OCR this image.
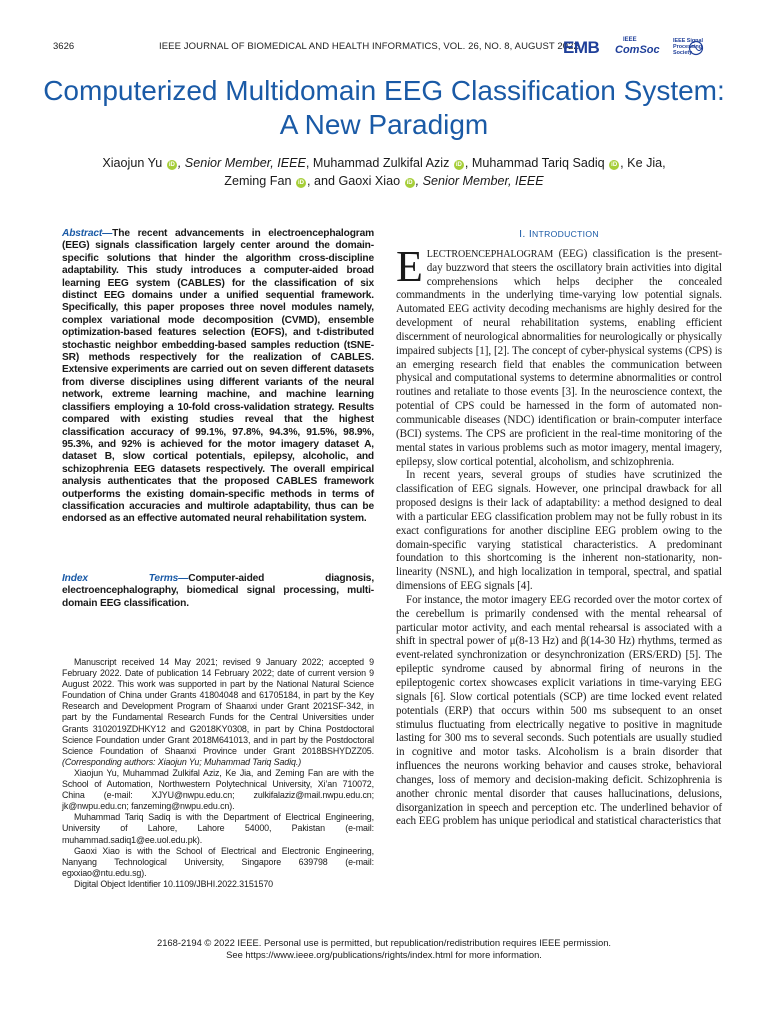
3626	IEEE JOURNAL OF BIOMEDICAL AND HEALTH INFORMATICS, VOL. 26, NO. 8, AUGUST 2022
EMB	IEEE
ComSoc
IEEE Signal Processing Society
Computerized Multidomain EEG Classification System: A New Paradigm
Xiaojun Yu iD , Senior Member, IEEE, Muhammad Zulkifal Aziz iD , Muhammad Tariq Sadiq iD , Ke Jia,
Zeming Fan iD , and Gaoxi Xiao iD , Senior Member, IEEE

Abstract—The recent advancements in electroencephalogram (EEG) signals classification largely center around the domain-specific solutions that hinder the algorithm cross-discipline adaptability. This study introduces a computer-aided broad learning EEG system (CABLES) for the classification of six distinct EEG domains under a unified sequential framework. Specifically, this paper proposes three novel modules namely, complex variational mode decomposition (CVMD), ensemble optimization-based features selection (EOFS), and t-distributed stochastic neighbor embedding-based samples reduction (tSNE-SR) methods respectively for the realization of CABLES. Extensive experiments are carried out on seven different datasets from diverse disciplines using different variants of the neural network, extreme learning machine, and machine learning classifiers employing a 10-fold cross-validation strategy. Results compared with existing studies reveal that the highest classification accuracy of 99.1%, 97.8%, 94.3%, 91.5%, 98.9%, 95.3%, and 92% is achieved for the motor imagery dataset A, dataset B, slow cortical potentials, epilepsy, alcoholic, and schizophrenia EEG datasets respectively. The overall empirical analysis authenticates that the proposed CABLES framework outperforms the existing domain-specific methods in terms of classification accuracies and multirole adaptability, thus can be endorsed as an effective automated neural rehabilitation system.

Index Terms—Computer-aided diagnosis, electroencephalography, biomedical signal processing, multi-domain EEG classification.

Manuscript received 14 May 2021; revised 9 January 2022; accepted 9 February 2022. Date of publication 14 February 2022; date of current version 9 August 2022. This work was supported in part by the National Natural Science Foundation of China under Grants 41804048 and 61705184, in part by the Key Research and Development Program of Shaanxi under Grant 2021SF-342, in part by the Fundamental Research Funds for the Central Universities under Grants 3102019ZDHKY12 and G2018KY0308, in part by China Postdoctoral Science Foundation under Grant 2018M641013, and in part by the Postdoctoral Science Foundation of Shaanxi Province under Grant 2018BSHYDZZ05. (Corresponding authors: Xiaojun Yu; Muhammad Tariq Sadiq.)

Xiaojun Yu, Muhammad Zulkifal Aziz, Ke Jia, and Zeming Fan are with the School of Automation, Northwestern Polytechnical University, Xi’an 710072, China (e-mail: XJYU@nwpu.edu.cn; zulkifalaziz@mail.nwpu.edu.cn; jk@nwpu.edu.cn; fanzeming@nwpu.edu.cn).

Muhammad Tariq Sadiq is with the Department of Electrical Engineering, University of Lahore, Lahore 54000, Pakistan (e-mail: muhammad.sadiq1@ee.uol.edu.pk).

Gaoxi Xiao is with the School of Electrical and Electronic Engineering, Nanyang Technological University, Singapore 639798 (e-mail: egxxiao@ntu.edu.sg).

Digital Object Identifier 10.1109/JBHI.2022.3151570

I. INTRODUCTION

ELECTROENCEPHALOGRAM (EEG) classification is the present-day buzzword that steers the oscillatory brain activities into digital comprehensions which helps decipher the concealed commandments in the underlying time-varying low potential signals. Automated EEG activity decoding mechanisms are highly desired for the development of neural rehabilitation systems, enabling efficient discernment of neurological abnormalities for neurologically or physically impaired subjects [1], [2]. The concept of cyber-physical systems (CPS) is an emerging research field that enables the communication between physical and computational systems to determine abnormalities or control routines and retaliate to those events [3]. In the neuroscience context, the potential of CPS could be harnessed in the form of automated non-communicable diseases (NDC) identification or brain-computer interface (BCI) systems. The CPS are proficient in the real-time monitoring of the mental states in various problems such as motor imagery, mental imagery, epilepsy, slow cortical potential, alcoholism, and schizophrenia.

In recent years, several groups of studies have scrutinized the classification of EEG signals. However, one principal drawback for all proposed designs is their lack of adaptability: a method designed to deal with a particular EEG classification problem may not be fully robust in its exact configurations for another discipline EEG problem owing to the domain-specific varying statistical characteristics. A predominant foundation to this shortcoming is the inherent non-stationarity, non-linearity (NSNL), and high localization in temporal, spectral, and spatial dimensions of EEG signals [4].

For instance, the motor imagery EEG recorded over the motor cortex of the cerebellum is primarily condensed with the mental rehearsal of particular motor activity, and each mental rehearsal is associated with a shift in spectral power of μ(8-13 Hz) and β(14-30 Hz) rhythms, termed as event-related synchronization or desynchronization (ERS/ERD) [5]. The epileptic syndrome caused by abnormal firing of neurons in the epileptogenic cortex showcases explicit variations in time-varying EEG signals [6]. Slow cortical potentials (SCP) are time locked event related potentials (ERP) that occurs within 500 ms subsequent to an onset stimulus fluctuating from electrically negative to positive in magnitude lasting for 300 ms to several seconds. Such potentials are usually studied in cognitive and motor tasks. Alcoholism is a brain disorder that influences the neurons working behavior and causes stroke, behavioral changes, loss of memory and decision-making deficit. Schizophrenia is another chronic mental disorder that causes hallucinations, delusions, disorganization in speech and perception etc. The underlined behavior of each EEG problem has unique periodical and statistical characteristics that

2168-2194 © 2022 IEEE. Personal use is permitted, but republication/redistribution requires IEEE permission.
See https://www.ieee.org/publications/rights/index.html for more information.
